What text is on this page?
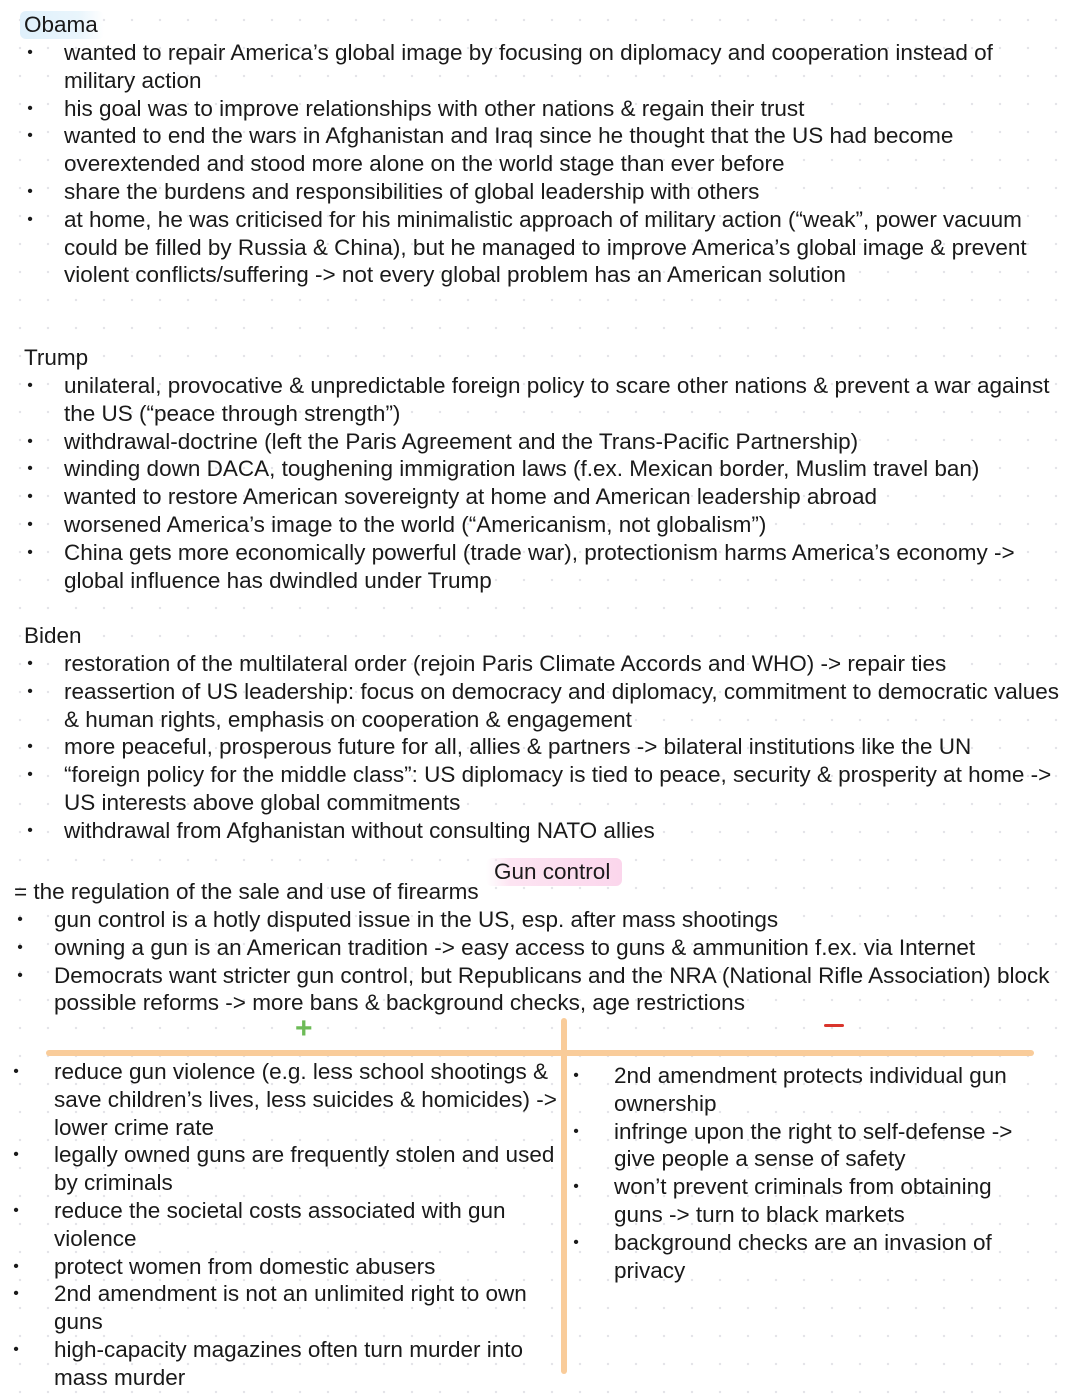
Obama
• wanted to repair America’s global image by focusing on diplomacy and cooperation instead of military action
• his goal was to improve relationships with other nations & regain their trust
• wanted to end the wars in Afghanistan and Iraq since he thought that the US had become overextended and stood more alone on the world stage than ever before
• share the burdens and responsibilities of global leadership with others
• at home, he was criticised for his minimalistic approach of military action (“weak”, power vacuum could be filled by Russia & China), but he managed to improve America’s global image & prevent violent conflicts/suffering -> not every global problem has an American solution
Trump
• unilateral, provocative & unpredictable foreign policy to scare other nations & prevent a war against the US (“peace through strength”)
• withdrawal-doctrine (left the Paris Agreement and the Trans-Pacific Partnership)
• winding down DACA, toughening immigration laws (f.ex. Mexican border, Muslim travel ban)
• wanted to restore American sovereignty at home and American leadership abroad
• worsened America’s image to the world (“Americanism, not globalism”)
• China gets more economically powerful (trade war), protectionism harms America’s economy -> global influence has dwindled under Trump
Biden
• restoration of the multilateral order (rejoin Paris Climate Accords and WHO) -> repair ties
• reassertion of US leadership: focus on democracy and diplomacy, commitment to democratic values & human rights, emphasis on cooperation & engagement
• more peaceful, prosperous future for all, allies & partners -> bilateral institutions like the UN
• “foreign policy for the middle class”: US diplomacy is tied to peace, security & prosperity at home -> US interests above global commitments
• withdrawal from Afghanistan without consulting NATO allies
Gun control
= the regulation of the sale and use of firearms
• gun control is a hotly disputed issue in the US, esp. after mass shootings
• owning a gun is an American tradition -> easy access to guns & ammunition f.ex. via Internet
• Democrats want stricter gun control, but Republicans and the NRA (National Rifle Association) block possible reforms -> more bans & background checks, age restrictions
+
• reduce gun violence (e.g. less school shootings & save children’s lives, less suicides & homicides) -> lower crime rate
• legally owned guns are frequently stolen and used by criminals
• reduce the societal costs associated with gun violence
• protect women from domestic abusers
• 2nd amendment is not an unlimited right to own guns
• high-capacity magazines often turn murder into mass murder
• 2nd amendment protects individual gun ownership
• infringe upon the right to self-defense -> give people a sense of safety
• won’t prevent criminals from obtaining guns -> turn to black markets
• background checks are an invasion of privacy
